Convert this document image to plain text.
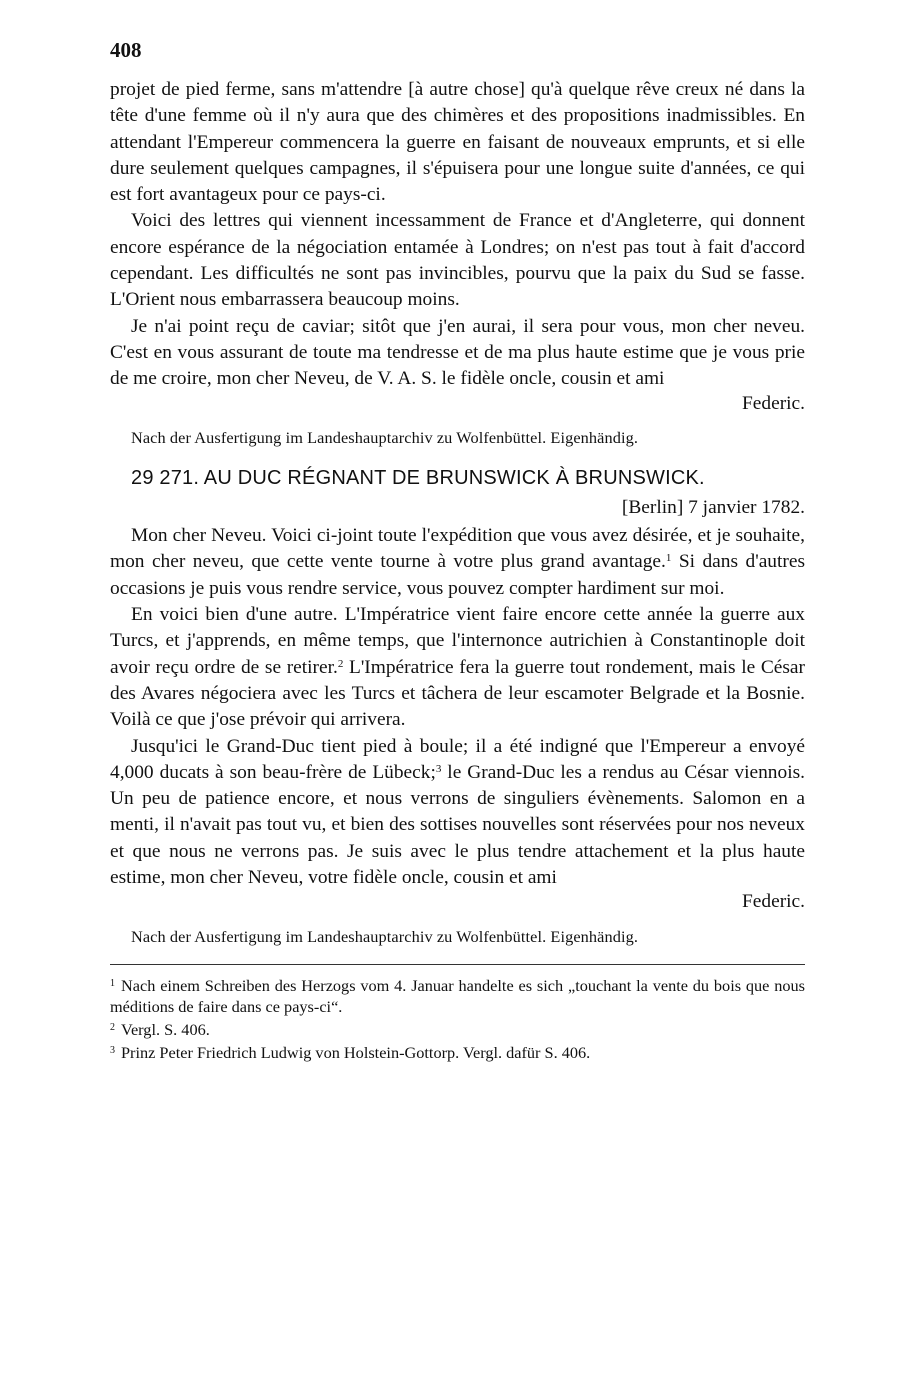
408

projet de pied ferme, sans m'attendre [à autre chose] qu'à quelque rêve creux né dans la tête d'une femme où il n'y aura que des chimères et des propositions inadmissibles. En attendant l'Empereur commencera la guerre en faisant de nouveaux emprunts, et si elle dure seulement quelques campagnes, il s'épuisera pour une longue suite d'années, ce qui est fort avantageux pour ce pays-ci.

Voici des lettres qui viennent incessamment de France et d'Angleterre, qui donnent encore espérance de la négociation entamée à Londres; on n'est pas tout à fait d'accord cependant. Les difficultés ne sont pas invincibles, pourvu que la paix du Sud se fasse. L'Orient nous embarrassera beaucoup moins.

Je n'ai point reçu de caviar; sitôt que j'en aurai, il sera pour vous, mon cher neveu. C'est en vous assurant de toute ma tendresse et de ma plus haute estime que je vous prie de me croire, mon cher Neveu, de V. A. S. le fidèle oncle, cousin et ami

Federic.
Nach der Ausfertigung im Landeshauptarchiv zu Wolfenbüttel. Eigenhändig.
29 271. AU DUC RÉGNANT DE BRUNSWICK À BRUNSWICK.
[Berlin] 7 janvier 1782.

Mon cher Neveu. Voici ci-joint toute l'expédition que vous avez désirée, et je souhaite, mon cher neveu, que cette vente tourne à votre plus grand avantage.$^1$ Si dans d'autres occasions je puis vous rendre service, vous pouvez compter hardiment sur moi.

En voici bien d'une autre. L'Impératrice vient faire encore cette année la guerre aux Turcs, et j'apprends, en même temps, que l'internonce autrichien à Constantinople doit avoir reçu ordre de se retirer.$^2$ L'Impératrice fera la guerre tout rondement, mais le César des Avares négociera avec les Turcs et tâchera de leur escamoter Belgrade et la Bosnie. Voilà ce que j'ose prévoir qui arrivera.

Jusqu'ici le Grand-Duc tient pied à boule; il a été indigné que l'Empereur a envoyé 4,000 ducats à son beau-frère de Lübeck;$^3$ le Grand-Duc les a rendus au César viennois. Un peu de patience encore, et nous verrons de singuliers évènements. Salomon en a menti, il n'avait pas tout vu, et bien des sottises nouvelles sont réservées pour nos neveux et que nous ne verrons pas. Je suis avec le plus tendre attachement et la plus haute estime, mon cher Neveu, votre fidèle oncle, cousin et ami

Federic.
Nach der Ausfertigung im Landeshauptarchiv zu Wolfenbüttel. Eigenhändig.

$^1$ Nach einem Schreiben des Herzogs vom 4. Januar handelte es sich „touchant la vente du bois que nous méditions de faire dans ce pays-ci“.

$^2$ Vergl. S. 406.

$^3$ Prinz Peter Friedrich Ludwig von Holstein-Gottorp. Vergl. dafür S. 406.
